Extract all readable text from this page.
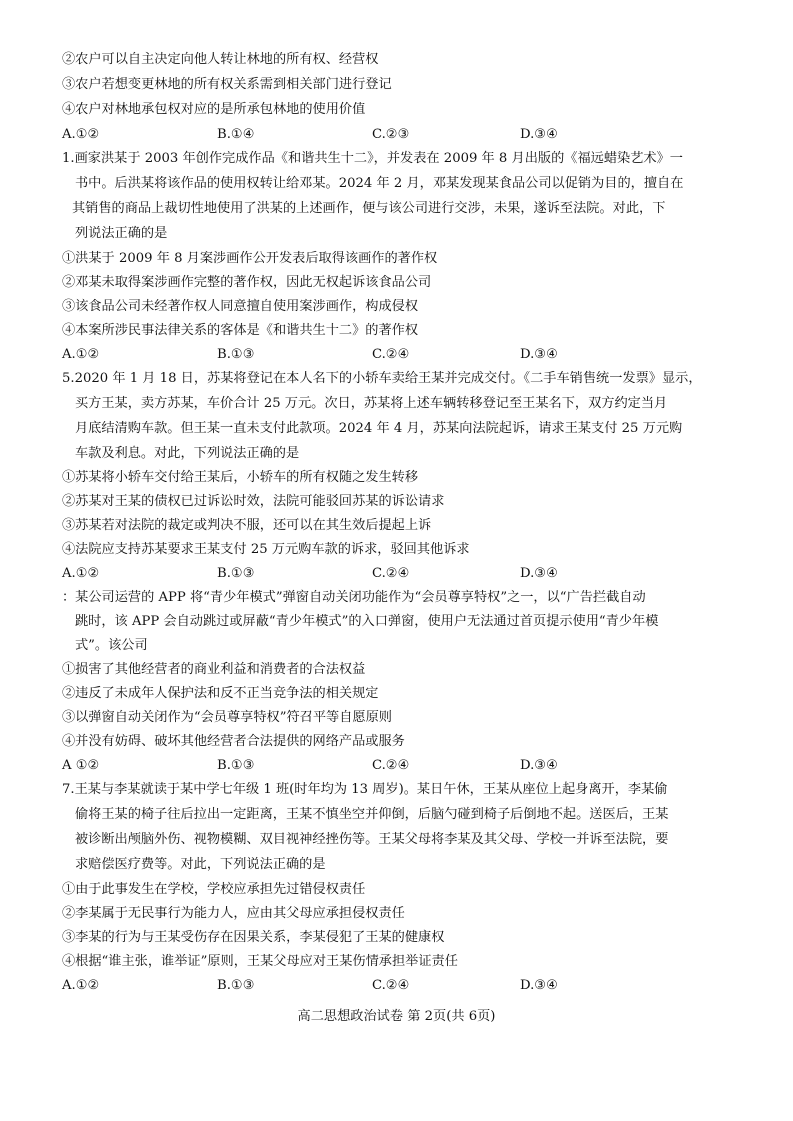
②农户可以自主决定向他人转让林地的所有权、经营权
③农户若想变更林地的所有权关系需到相关部门进行登记
④农户对林地承包权对应的是所承包林地的使用价值
A.①②	B.①④	C.②③	D.③④
1.画家洪某于 2003 年创作完成作品《和谐共生十二》，并发表在 2009 年 8 月出版的《福远蜡染艺术》一
书中。后洪某将该作品的使用权转让给邓某。2024 年 2 月，邓某发现某食品公司以促销为目的，擅自在
其销售的商品上裁切性地使用了洪某的上述画作，便与该公司进行交涉，未果，遂诉至法院。对此，下
列说法正确的是
①洪某于 2009 年 8 月案涉画作公开发表后取得该画作的著作权
②邓某未取得案涉画作完整的著作权，因此无权起诉该食品公司
③该食品公司未经著作权人同意擅自使用案涉画作，构成侵权
④本案所涉民事法律关系的客体是《和谐共生十二》的著作权
A.①②	B.①③	C.②④	D.③④
5.2020 年 1 月 18 日，苏某将登记在本人名下的小轿车卖给王某并完成交付。《二手车销售统一发票》显示，
买方王某，卖方苏某，车价合计 25 万元。次日，苏某将上述车辆转移登记至王某名下，双方约定当月
月底结清购车款。但王某一直未支付此款项。2024 年 4 月，苏某向法院起诉，请求王某支付 25 万元购
车款及利息。对此，下列说法正确的是
①苏某将小轿车交付给王某后，小轿车的所有权随之发生转移
②苏某对王某的债权已过诉讼时效，法院可能驳回苏某的诉讼请求
③苏某若对法院的裁定或判决不服，还可以在其生效后提起上诉
④法院应支持苏某要求王某支付 25 万元购车款的诉求，驳回其他诉求
A.①②	B.①③	C.②④	D.③④
：某公司运营的 APP 将“青少年模式”弹窗自动关闭功能作为“会员尊享特权”之一，以“广告拦截自动
跳时，该 APP 会自动跳过或屏蔽“青少年模式”的入口弹窗，使用户无法通过首页提示使用“青少年模
式”。该公司
①损害了其他经营者的商业利益和消费者的合法权益
②违反了未成年人保护法和反不正当竞争法的相关规定
③以弹窗自动关闭作为“会员尊享特权”符召平等自愿原则
④并没有妨碍、破坏其他经营者合法提供的网络产品或服务
A ①②	B.①③	C.②④	D.③④
7.王某与李某就读于某中学七年级 1 班(时年均为 13 周岁)。某日午休，王某从座位上起身离开，李某偷
偷将王某的椅子往后拉出一定距离，王某不慎坐空并仰倒，后脑勺碰到椅子后倒地不起。送医后，王某
被诊断出颅脑外伤、视物模糊、双目视神经挫伤等。王某父母将李某及其父母、学校一并诉至法院，要
求赔偿医疗费等。对此，下列说法正确的是
①由于此事发生在学校，学校应承担先过错侵权责任
②李某属于无民事行为能力人，应由其父母应承担侵权责任
③李某的行为与王某受伤存在因果关系，李某侵犯了王某的健康权
④根据“谁主张，谁举证”原则，王某父母应对王某伤情承担举证责任
A.①②	B.①③	C.②④	D.③④
高二思想政治试卷 第 2页(共 6页)
